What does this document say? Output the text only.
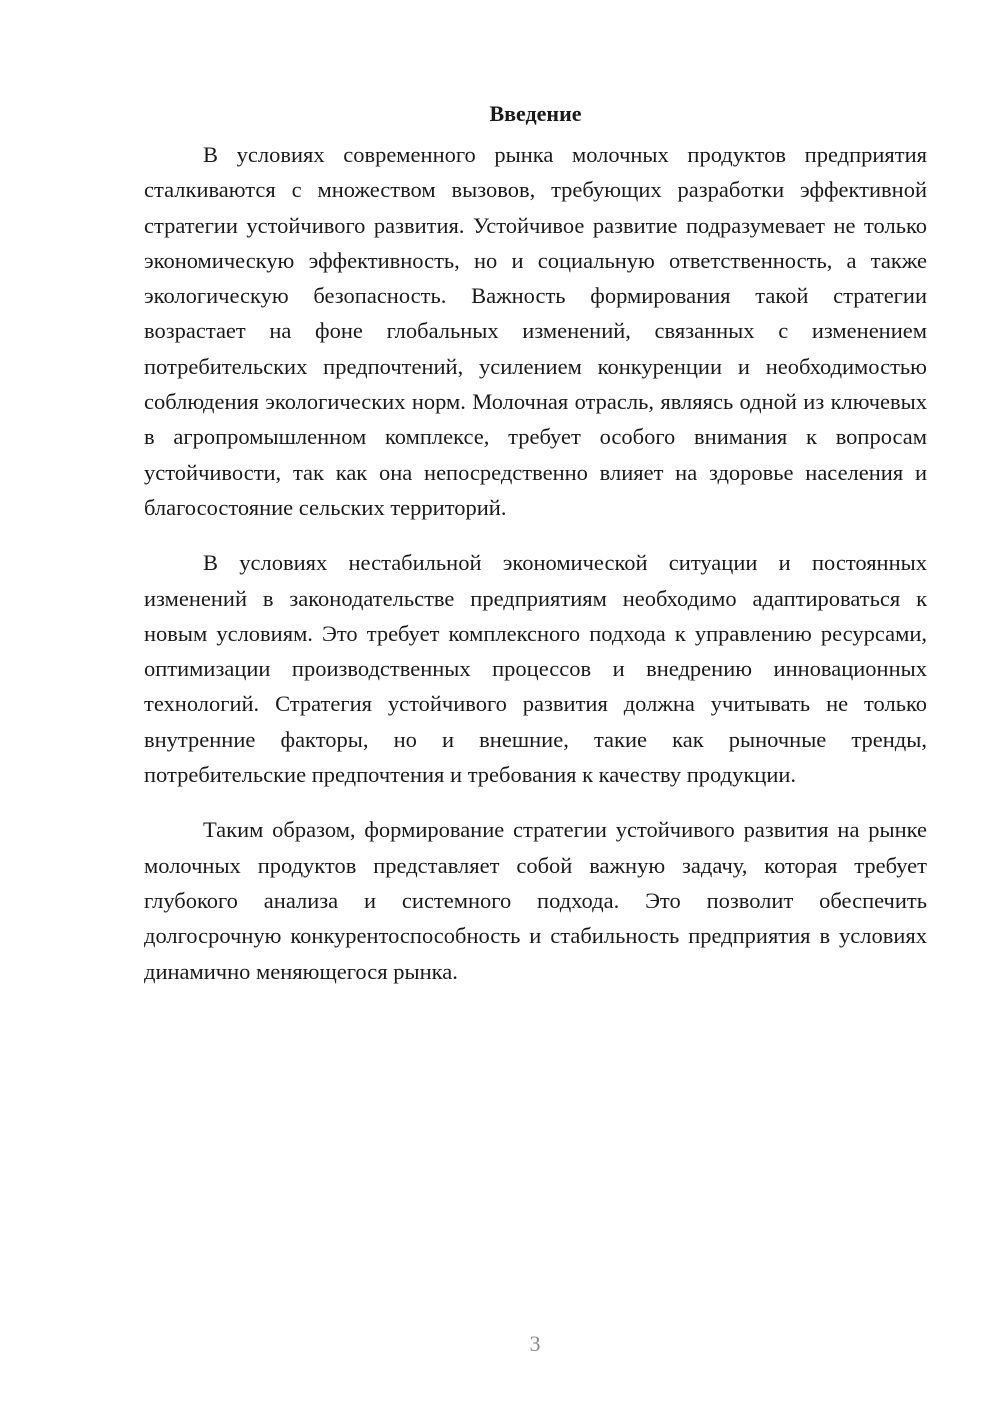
Введение

В условиях современного рынка молочных продуктов предприятия сталкиваются с множеством вызовов, требующих разработки эффективной стратегии устойчивого развития. Устойчивое развитие подразумевает не только экономическую эффективность, но и социальную ответственность, а также экологическую безопасность. Важность формирования такой стратегии возрастает на фоне глобальных изменений, связанных с изменением потребительских предпочтений, усилением конкуренции и необходимостью соблюдения экологических норм. Молочная отрасль, являясь одной из ключевых в агропромышленном комплексе, требует особого внимания к вопросам устойчивости, так как она непосредственно влияет на здоровье населения и благосостояние сельских территорий.

В условиях нестабильной экономической ситуации и постоянных изменений в законодательстве предприятиям необходимо адаптироваться к новым условиям. Это требует комплексного подхода к управлению ресурсами, оптимизации производственных процессов и внедрению инновационных технологий. Стратегия устойчивого развития должна учитывать не только внутренние факторы, но и внешние, такие как рыночные тренды, потребительские предпочтения и требования к качеству продукции.

Таким образом, формирование стратегии устойчивого развития на рынке молочных продуктов представляет собой важную задачу, которая требует глубокого анализа и системного подхода. Это позволит обеспечить долгосрочную конкурентоспособность и стабильность предприятия в условиях динамично меняющегося рынка.

3
